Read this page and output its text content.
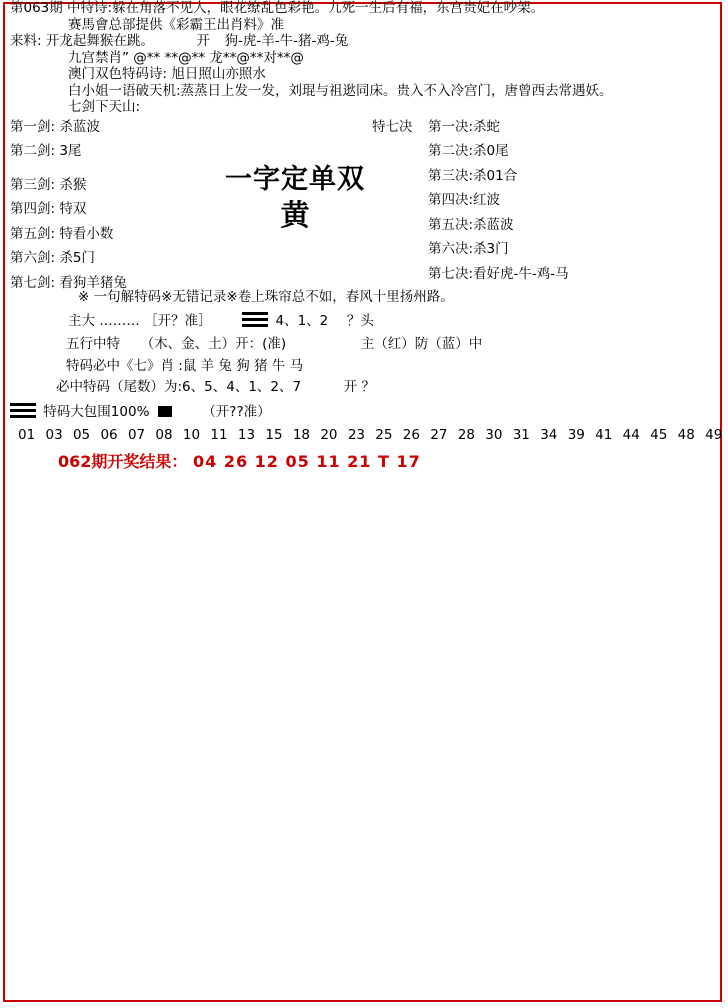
第063期 中特诗:躲在角落不见人，眼花缭乱色彩艳。九死一生后有福，东宫贵妃在吵架。
赛馬會总部提供《彩霸王出肖料》准
来料: 开龙起舞猴在跳。	开 狗-虎-羊-牛-猪-鸡-兔
九宫禁肖” @** **@** 龙**@**对**@
澳门双色特码诗: 旭日照山亦照水
白小姐一语破天机:蒸蒸日上发一发，刘琨与祖逖同床。贵入不入冷宫门，唐曾西去常遇妖。
七剑下天山:
第一剑: 杀蓝波
第二剑: 3尾
第三剑: 杀猴
第四剑: 特双
第五剑: 特看小数
第六剑: 杀5门
第七剑: 看狗羊猪兔
一字定单双
黄
特七决 第一决:杀蛇
第二决:杀0尾
第三决:杀01合
第四决:红波
第五决:杀蓝波
第六决:杀3门
第七决:看好虎-牛-鸡-马
※ 一句解特码※无错记录※卷上珠帘总不如，春风十里扬州路。
主大 ……… ［开？准］	4、1、2 ？头
五行中特 （木、金、土）开：(准)	主（红）防（蓝）中
特码必中《七》肖 :鼠 羊 兔 狗 猪 牛 马
必中特码（尾数）为:6、5、4、1、2、7	开 ？
特码大包围100%	（开??准）
01 03 05 06 07 08 10 11 13 15 18 20 23 25 26 27 28 30 31 34 39 41 44 45 48 49
062期开奖结果： 04 26 12 05 11 21 T 17
